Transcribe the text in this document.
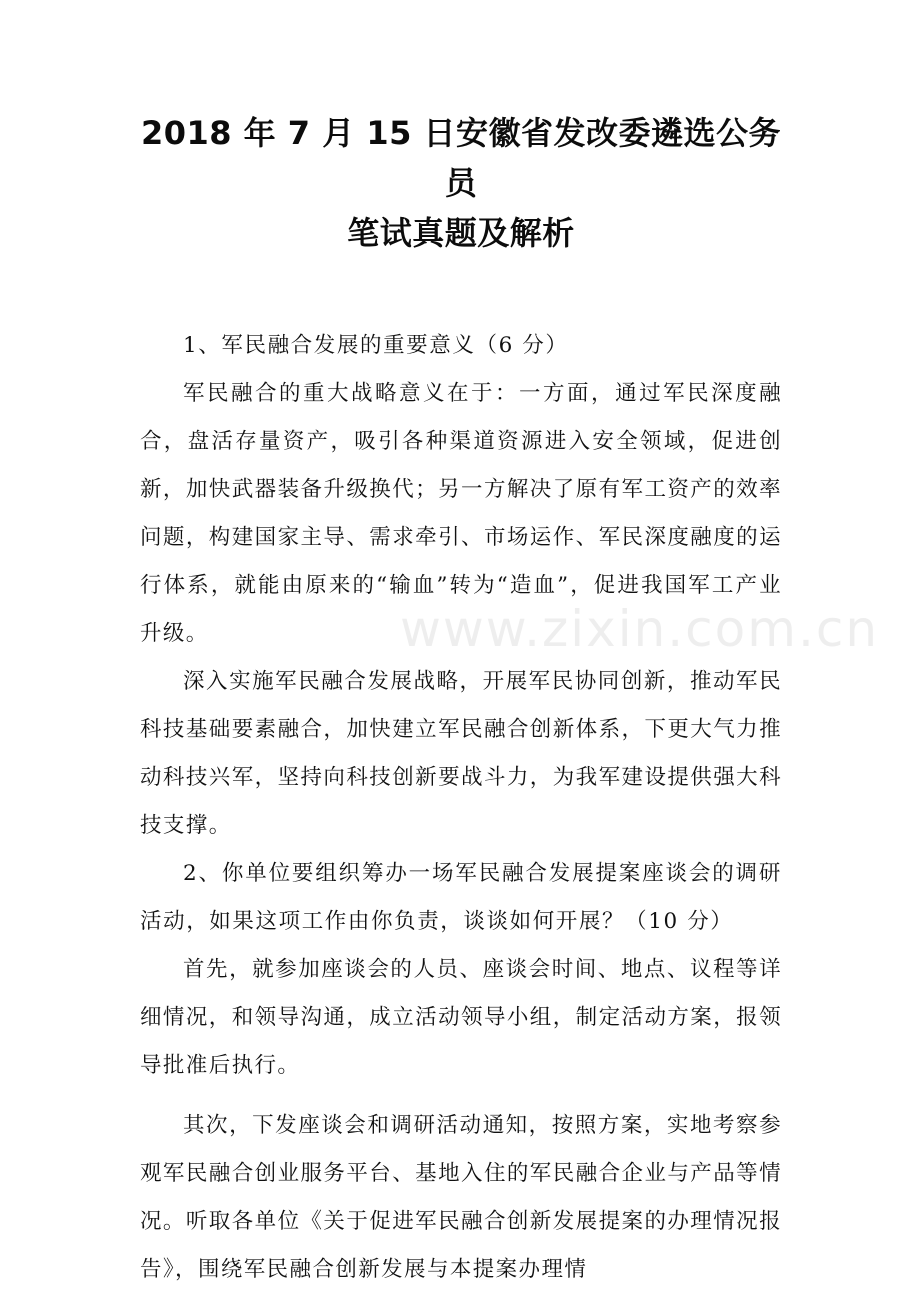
2018 年 7 月 15 日安徽省发改委遴选公务员
笔试真题及解析

1、军民融合发展的重要意义（6 分）

军民融合的重大战略意义在于：一方面，通过军民深度融合，盘活存量资产，吸引各种渠道资源进入安全领域，促进创新，加快武器装备升级换代；另一方解决了原有军工资产的效率问题，构建国家主导、需求牵引、市场运作、军民深度融度的运行体系，就能由原来的“输血”转为“造血”，促进我国军工产业升级。

深入实施军民融合发展战略，开展军民协同创新，推动军民科技基础要素融合，加快建立军民融合创新体系，下更大气力推动科技兴军，坚持向科技创新要战斗力，为我军建设提供强大科技支撑。

2、你单位要组织筹办一场军民融合发展提案座谈会的调研活动，如果这项工作由你负责，谈谈如何开展？（10 分）

首先，就参加座谈会的人员、座谈会时间、地点、议程等详细情况，和领导沟通，成立活动领导小组，制定活动方案，报领导批准后执行。

其次，下发座谈会和调研活动通知，按照方案，实地考察参观军民融合创业服务平台、基地入住的军民融合企业与产品等情况。听取各单位《关于促进军民融合创新发展提案的办理情况报告》，围绕军民融合创新发展与本提案办理情

www.zixin.com.cn
